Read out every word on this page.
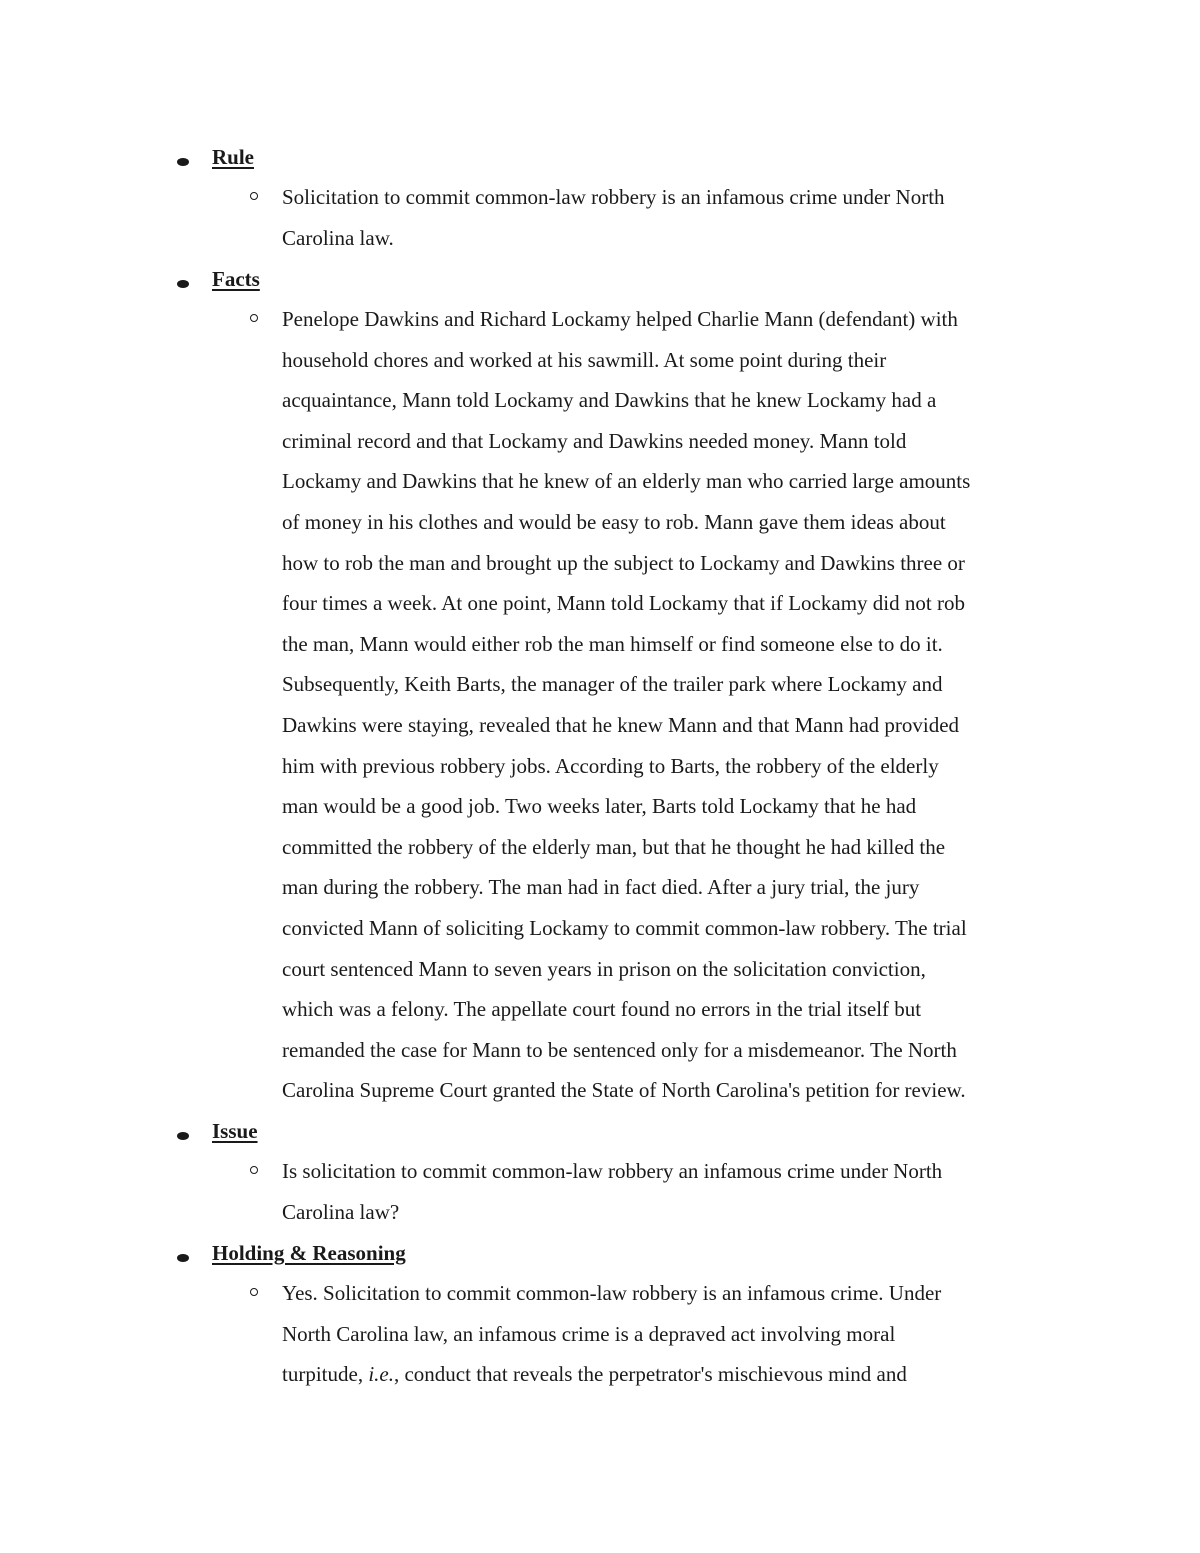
Rule
Solicitation to commit common-law robbery is an infamous crime under North
Carolina law.
Facts
Penelope Dawkins and Richard Lockamy helped Charlie Mann (defendant) with
household chores and worked at his sawmill. At some point during their
acquaintance, Mann told Lockamy and Dawkins that he knew Lockamy had a
criminal record and that Lockamy and Dawkins needed money. Mann told
Lockamy and Dawkins that he knew of an elderly man who carried large amounts
of money in his clothes and would be easy to rob. Mann gave them ideas about
how to rob the man and brought up the subject to Lockamy and Dawkins three or
four times a week. At one point, Mann told Lockamy that if Lockamy did not rob
the man, Mann would either rob the man himself or find someone else to do it.
Subsequently, Keith Barts, the manager of the trailer park where Lockamy and
Dawkins were staying, revealed that he knew Mann and that Mann had provided
him with previous robbery jobs. According to Barts, the robbery of the elderly
man would be a good job. Two weeks later, Barts told Lockamy that he had
committed the robbery of the elderly man, but that he thought he had killed the
man during the robbery. The man had in fact died. After a jury trial, the jury
convicted Mann of soliciting Lockamy to commit common-law robbery. The trial
court sentenced Mann to seven years in prison on the solicitation conviction,
which was a felony. The appellate court found no errors in the trial itself but
remanded the case for Mann to be sentenced only for a misdemeanor. The North
Carolina Supreme Court granted the State of North Carolina's petition for review.
Issue
Is solicitation to commit common-law robbery an infamous crime under North
Carolina law?
Holding & Reasoning
Yes. Solicitation to commit common-law robbery is an infamous crime. Under
North Carolina law, an infamous crime is a depraved act involving moral
turpitude, i.e., conduct that reveals the perpetrator's mischievous mind and
